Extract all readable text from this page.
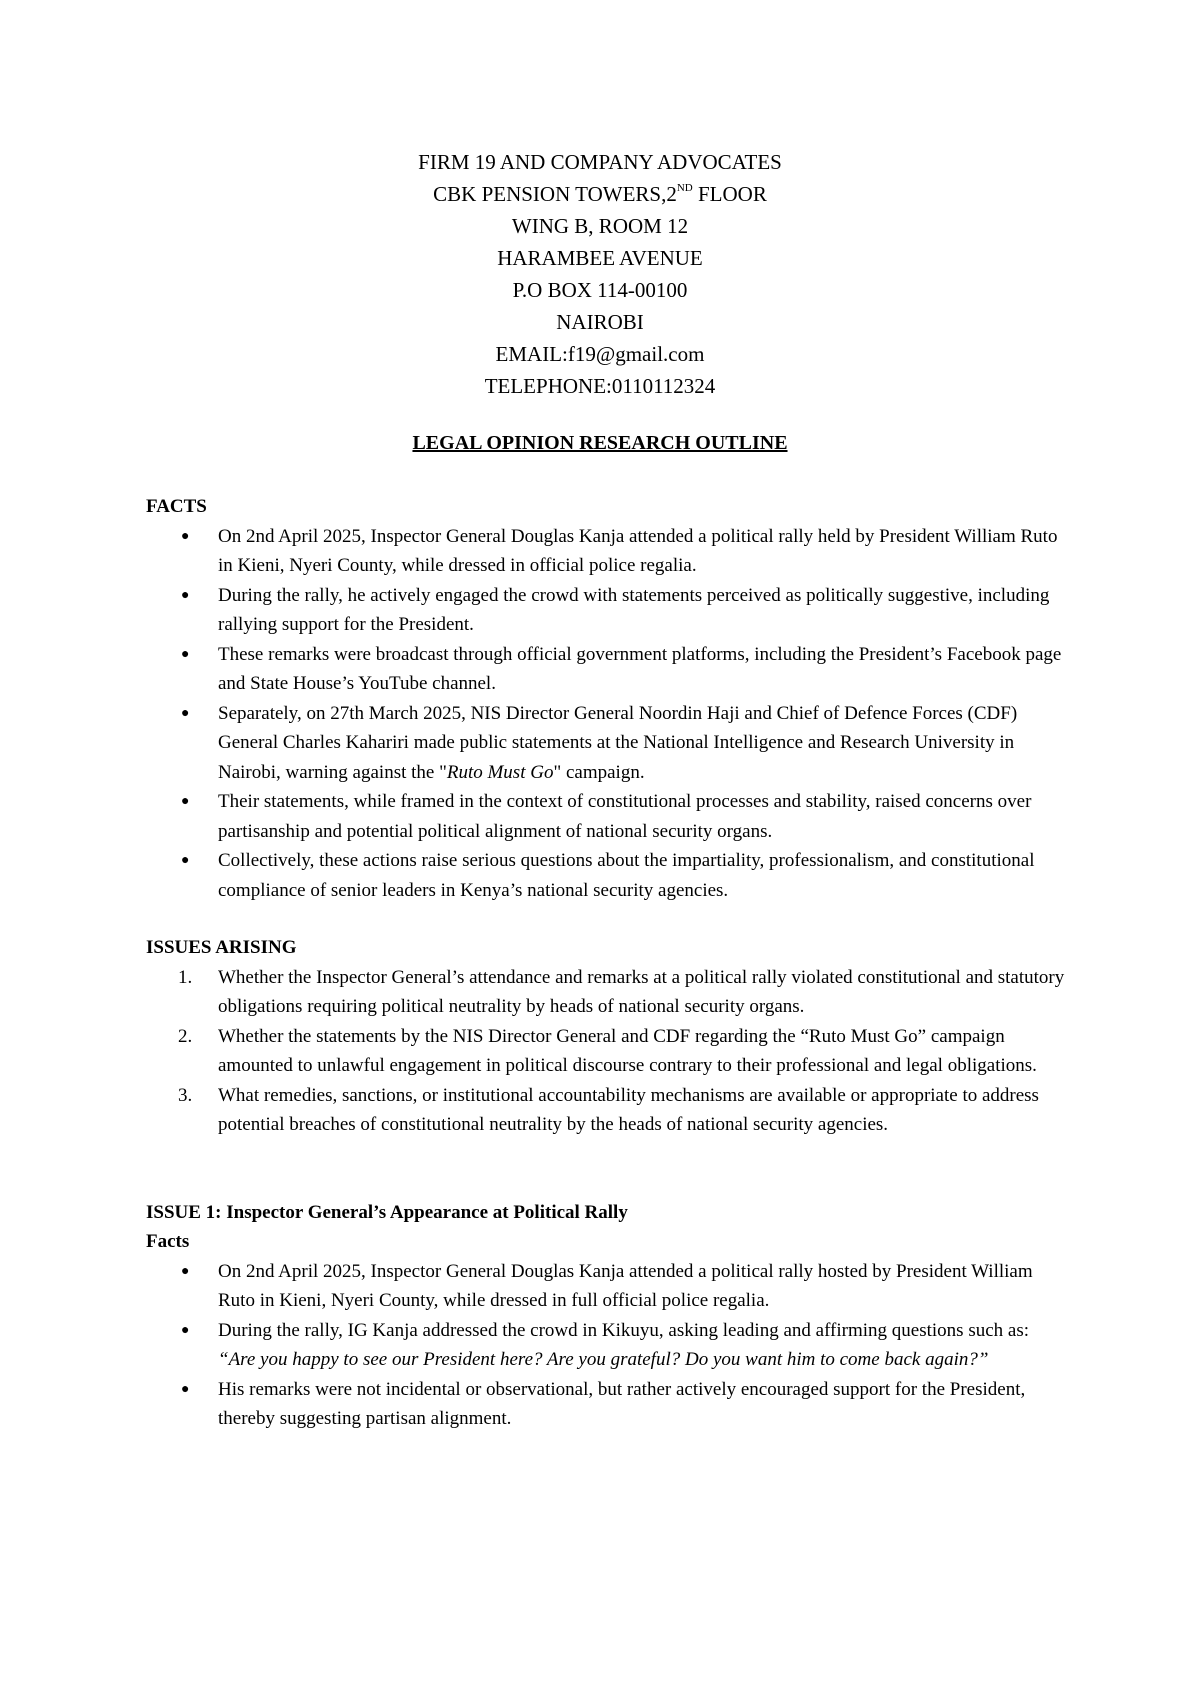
FIRM 19 AND COMPANY ADVOCATES
CBK PENSION TOWERS,2ND FLOOR
WING B, ROOM 12
HARAMBEE AVENUE
P.O BOX 114-00100
NAIROBI
EMAIL:f19@gmail.com
TELEPHONE:0110112324
LEGAL OPINION RESEARCH OUTLINE
FACTS
● On 2nd April 2025, Inspector General Douglas Kanja attended a political rally held by President William Ruto in Kieni, Nyeri County, while dressed in official police regalia.
● During the rally, he actively engaged the crowd with statements perceived as politically suggestive, including rallying support for the President.
● These remarks were broadcast through official government platforms, including the President’s Facebook page and State House’s YouTube channel.
● Separately, on 27th March 2025, NIS Director General Noordin Haji and Chief of Defence Forces (CDF) General Charles Kahariri made public statements at the National Intelligence and Research University in Nairobi, warning against the "Ruto Must Go" campaign.
● Their statements, while framed in the context of constitutional processes and stability, raised concerns over partisanship and potential political alignment of national security organs.
● Collectively, these actions raise serious questions about the impartiality, professionalism, and constitutional compliance of senior leaders in Kenya’s national security agencies.
ISSUES ARISING
1. Whether the Inspector General’s attendance and remarks at a political rally violated constitutional and statutory obligations requiring political neutrality by heads of national security organs.
2. Whether the statements by the NIS Director General and CDF regarding the “Ruto Must Go” campaign amounted to unlawful engagement in political discourse contrary to their professional and legal obligations.
3. What remedies, sanctions, or institutional accountability mechanisms are available or appropriate to address potential breaches of constitutional neutrality by the heads of national security agencies.
ISSUE 1: Inspector General’s Appearance at Political Rally
Facts
● On 2nd April 2025, Inspector General Douglas Kanja attended a political rally hosted by President William Ruto in Kieni, Nyeri County, while dressed in full official police regalia.
● During the rally, IG Kanja addressed the crowd in Kikuyu, asking leading and affirming questions such as: “Are you happy to see our President here? Are you grateful? Do you want him to come back again?”
● His remarks were not incidental or observational, but rather actively encouraged support for the President, thereby suggesting partisan alignment.
